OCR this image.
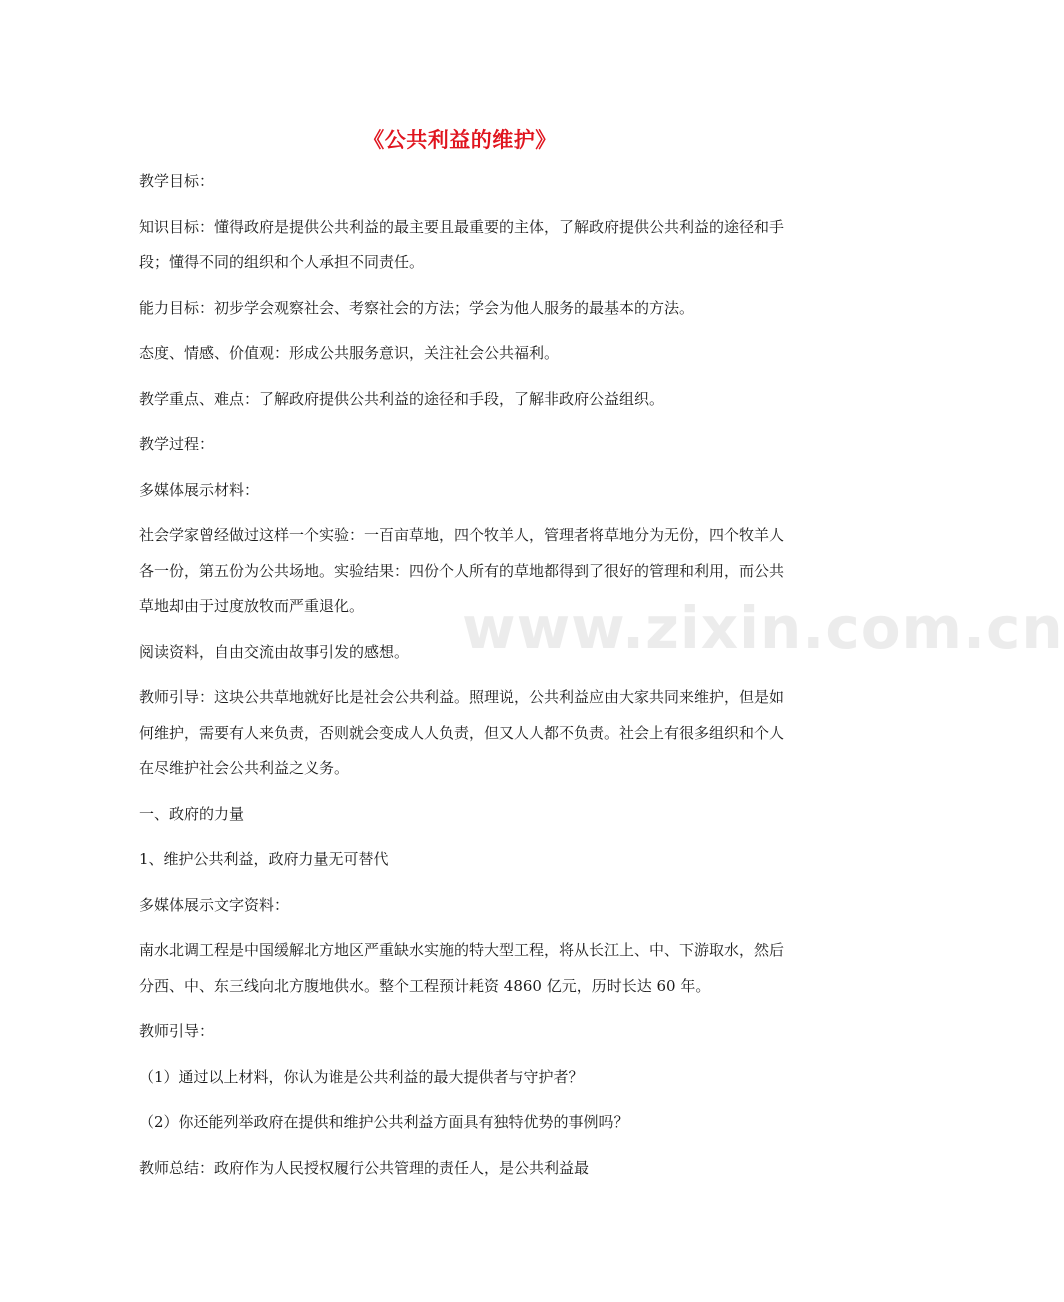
《公共利益的维护》

教学目标：

知识目标：懂得政府是提供公共利益的最主要且最重要的主体，了解政府提供公共利益的途径和手段；懂得不同的组织和个人承担不同责任。

能力目标：初步学会观察社会、考察社会的方法；学会为他人服务的最基本的方法。

态度、情感、价值观：形成公共服务意识，关注社会公共福利。

教学重点、难点：了解政府提供公共利益的途径和手段，了解非政府公益组织。

教学过程：

多媒体展示材料：

社会学家曾经做过这样一个实验：一百亩草地，四个牧羊人，管理者将草地分为无份，四个牧羊人各一份，第五份为公共场地。实验结果：四份个人所有的草地都得到了很好的管理和利用，而公共草地却由于过度放牧而严重退化。

阅读资料，自由交流由故事引发的感想。

教师引导：这块公共草地就好比是社会公共利益。照理说，公共利益应由大家共同来维护，但是如何维护，需要有人来负责，否则就会变成人人负责，但又人人都不负责。社会上有很多组织和个人在尽维护社会公共利益之义务。

一、政府的力量

1、维护公共利益，政府力量无可替代

多媒体展示文字资料：

南水北调工程是中国缓解北方地区严重缺水实施的特大型工程，将从长江上、中、下游取水，然后分西、中、东三线向北方腹地供水。整个工程预计耗资 4860 亿元，历时长达 60 年。

教师引导：

（1）通过以上材料，你认为谁是公共利益的最大提供者与守护者？

（2）你还能列举政府在提供和维护公共利益方面具有独特优势的事例吗？

教师总结：政府作为人民授权履行公共管理的责任人，是公共利益最

www.zixin.com.cn
